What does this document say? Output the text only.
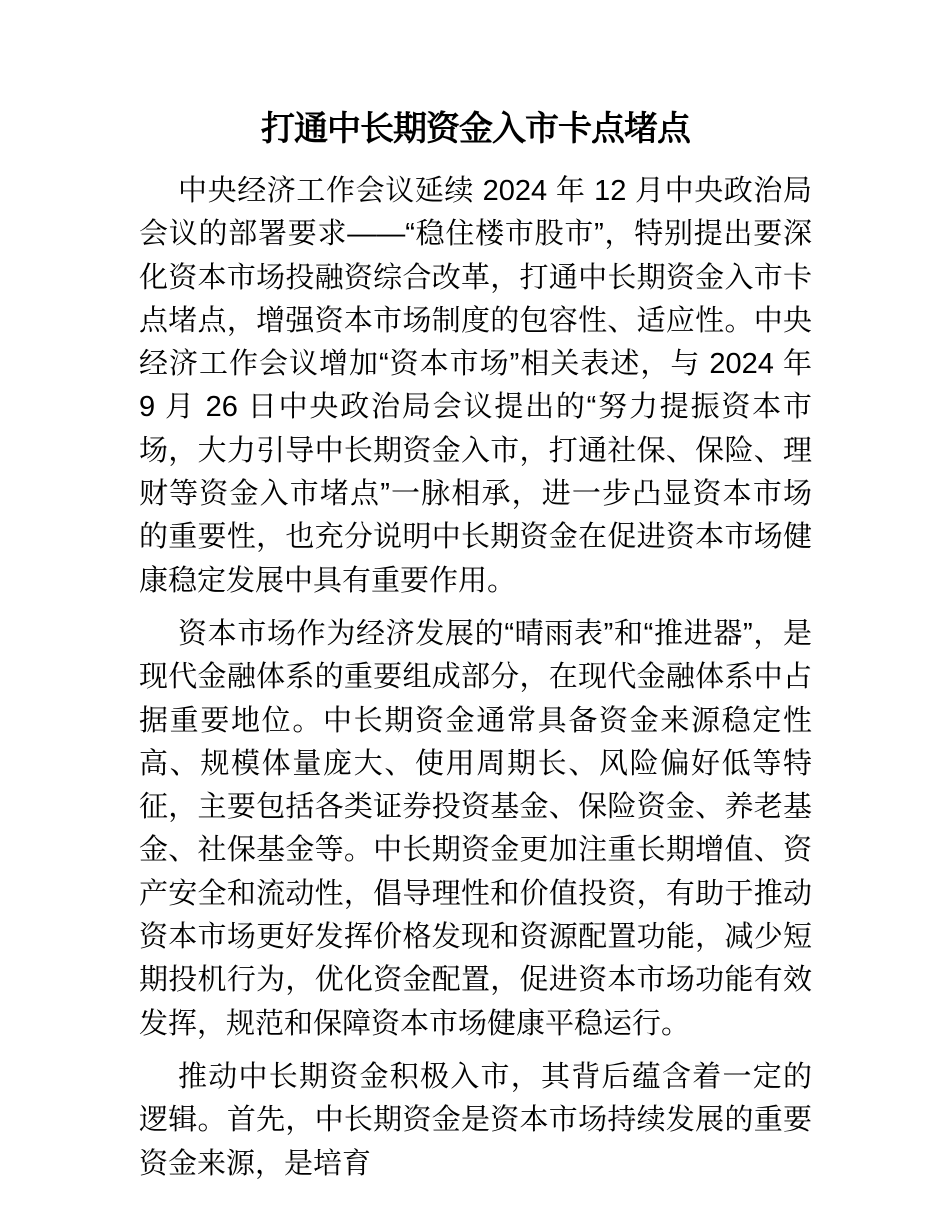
打通中长期资金入市卡点堵点

中央经济工作会议延续 2024 年 12 月中央政治局会议的部署要求——“稳住楼市股市”，特别提出要深化资本市场投融资综合改革，打通中长期资金入市卡点堵点，增强资本市场制度的包容性、适应性。中央经济工作会议增加“资本市场”相关表述，与 2024 年 9 月 26 日中央政治局会议提出的“努力提振资本市场，大力引导中长期资金入市，打通社保、保险、理财等资金入市堵点”一脉相承，进一步凸显资本市场的重要性，也充分说明中长期资金在促进资本市场健康稳定发展中具有重要作用。

资本市场作为经济发展的“晴雨表”和“推进器”，是现代金融体系的重要组成部分，在现代金融体系中占据重要地位。中长期资金通常具备资金来源稳定性高、规模体量庞大、使用周期长、风险偏好低等特征，主要包括各类证券投资基金、保险资金、养老基金、社保基金等。中长期资金更加注重长期增值、资产安全和流动性，倡导理性和价值投资，有助于推动资本市场更好发挥价格发现和资源配置功能，减少短期投机行为，优化资金配置，促进资本市场功能有效发挥，规范和保障资本市场健康平稳运行。

推动中长期资金积极入市，其背后蕴含着一定的逻辑。首先，中长期资金是资本市场持续发展的重要资金来源，是培育
